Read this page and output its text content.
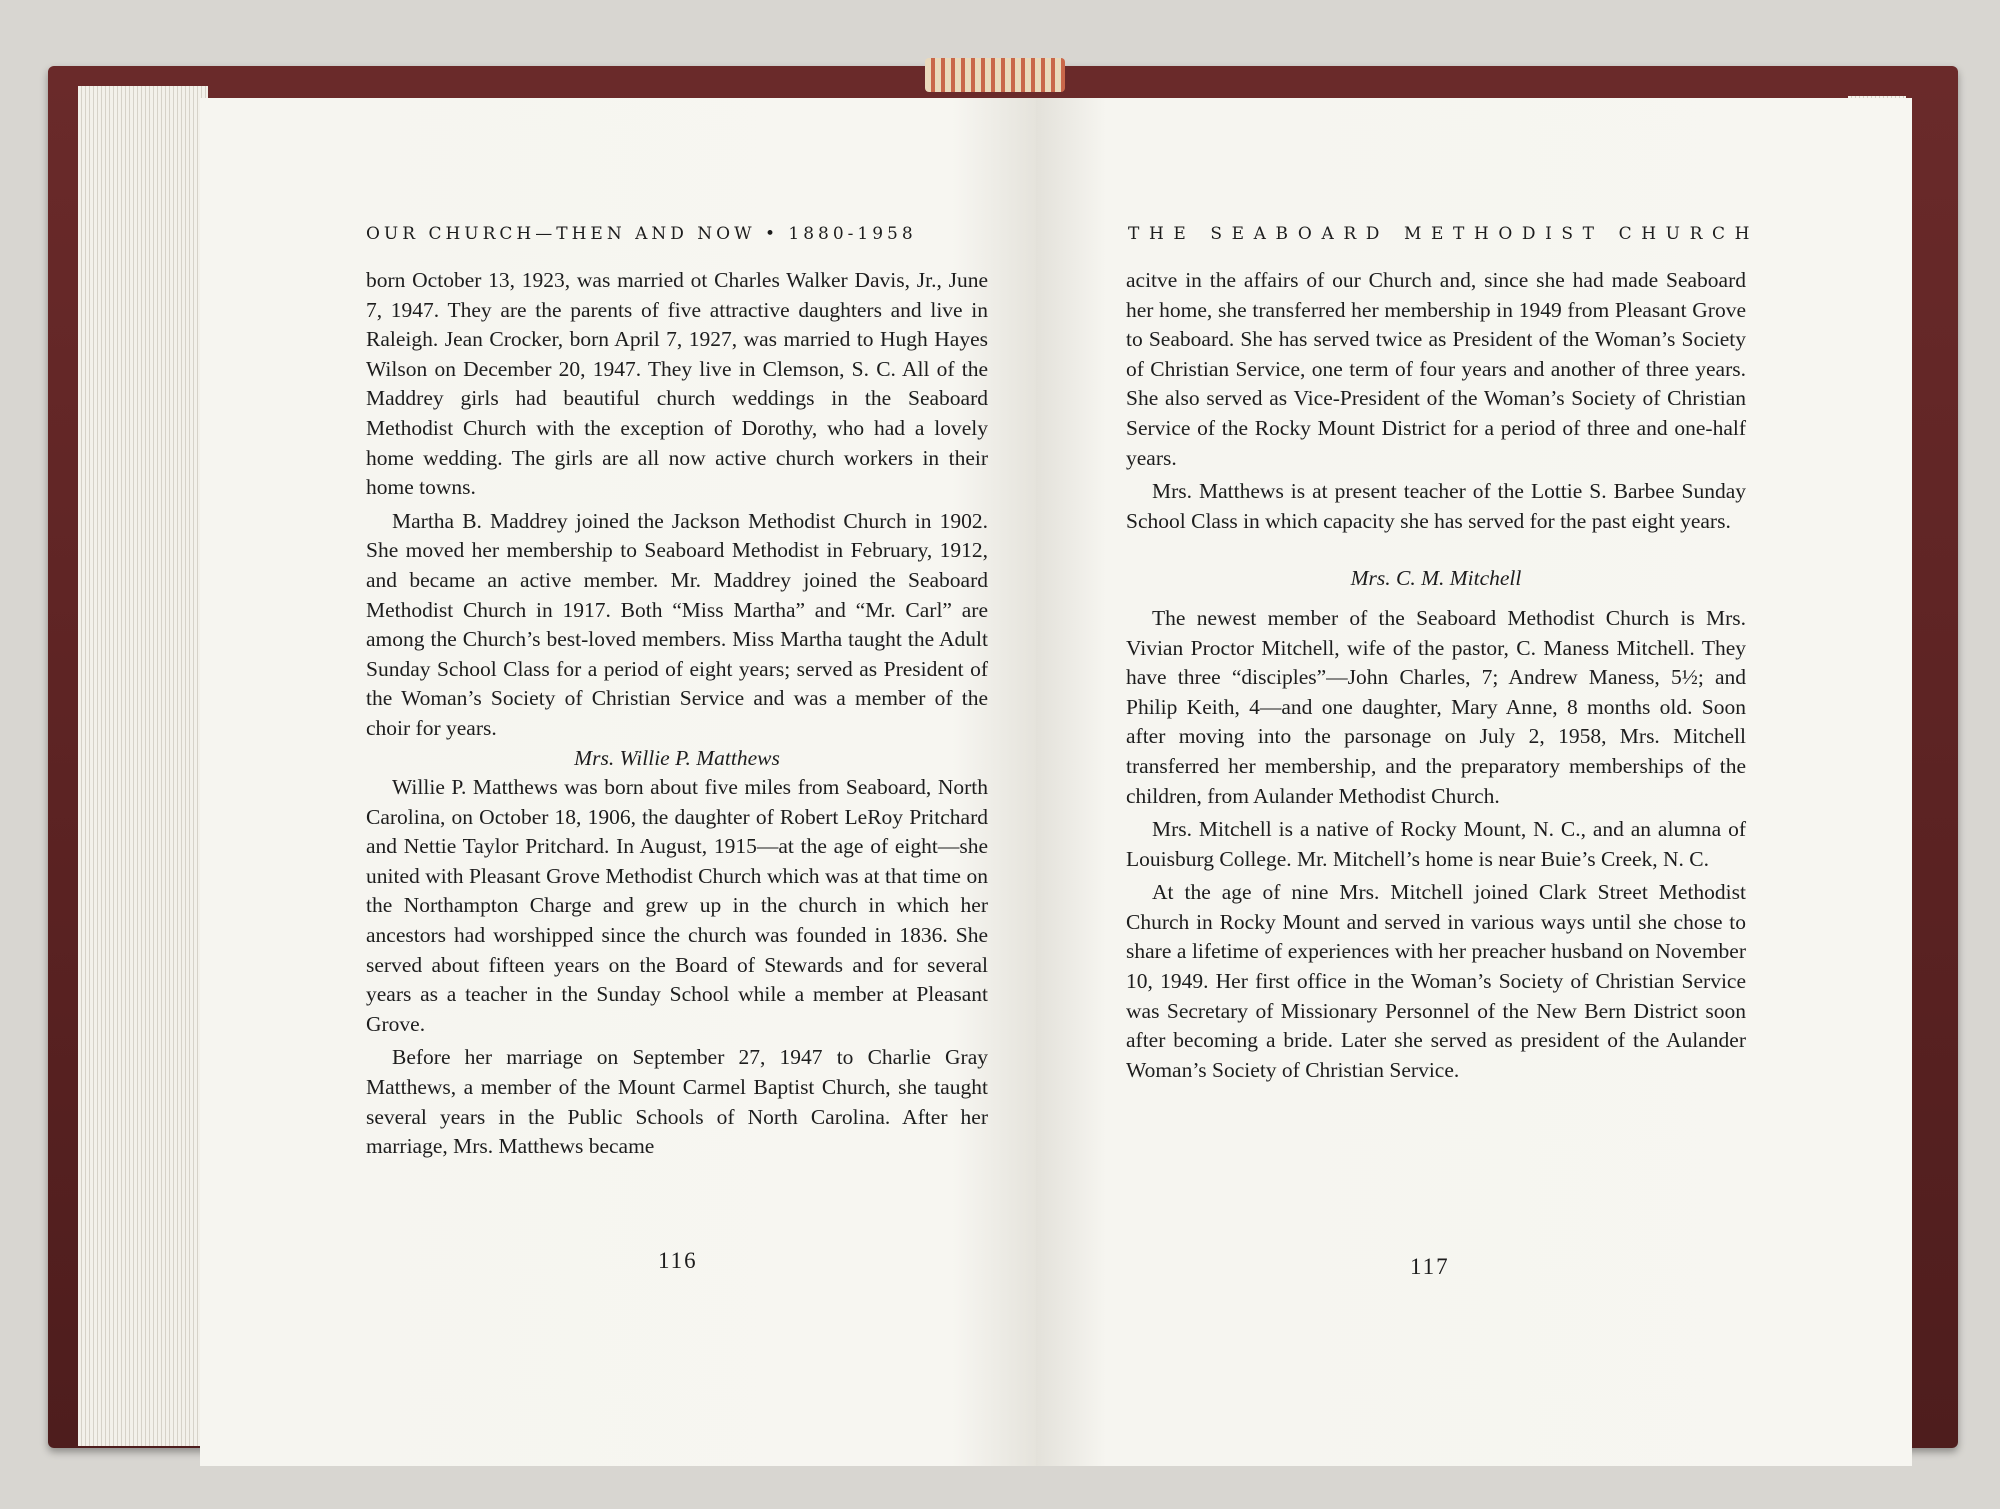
OUR CHURCH—THEN AND NOW • 1880-1958

born October 13, 1923, was married ot Charles Walker Davis, Jr., June 7, 1947. They are the parents of five attractive daughters and live in Raleigh. Jean Crocker, born April 7, 1927, was married to Hugh Hayes Wilson on December 20, 1947. They live in Clemson, S. C. All of the Maddrey girls had beautiful church weddings in the Seaboard Methodist Church with the exception of Dorothy, who had a lovely home wedding. The girls are all now active church workers in their home towns.

Martha B. Maddrey joined the Jackson Methodist Church in 1902. She moved her membership to Seaboard Methodist in February, 1912, and became an active member. Mr. Maddrey joined the Seaboard Methodist Church in 1917. Both “Miss Martha” and “Mr. Carl” are among the Church’s best-loved members. Miss Martha taught the Adult Sunday School Class for a period of eight years; served as President of the Woman’s Society of Christian Service and was a member of the choir for years.

Mrs. Willie P. Matthews

Willie P. Matthews was born about five miles from Seaboard, North Carolina, on October 18, 1906, the daughter of Robert LeRoy Pritchard and Nettie Taylor Pritchard. In August, 1915—at the age of eight—she united with Pleasant Grove Methodist Church which was at that time on the Northampton Charge and grew up in the church in which her ancestors had worshipped since the church was founded in 1836. She served about fifteen years on the Board of Stewards and for several years as a teacher in the Sunday School while a member at Pleasant Grove.

Before her marriage on September 27, 1947 to Charlie Gray Matthews, a member of the Mount Carmel Baptist Church, she taught several years in the Public Schools of North Carolina. After her marriage, Mrs. Matthews became

116
THE SEABOARD METHODIST CHURCH

acitve in the affairs of our Church and, since she had made Seaboard her home, she transferred her membership in 1949 from Pleasant Grove to Seaboard. She has served twice as President of the Woman’s Society of Christian Service, one term of four years and another of three years. She also served as Vice-President of the Woman’s Society of Christian Service of the Rocky Mount District for a period of three and one-half years.

Mrs. Matthews is at present teacher of the Lottie S. Barbee Sunday School Class in which capacity she has served for the past eight years.

Mrs. C. M. Mitchell

The newest member of the Seaboard Methodist Church is Mrs. Vivian Proctor Mitchell, wife of the pastor, C. Maness Mitchell. They have three “disciples”—John Charles, 7; Andrew Maness, 5½; and Philip Keith, 4—and one daughter, Mary Anne, 8 months old. Soon after moving into the parsonage on July 2, 1958, Mrs. Mitchell transferred her membership, and the preparatory memberships of the children, from Aulander Methodist Church.

Mrs. Mitchell is a native of Rocky Mount, N. C., and an alumna of Louisburg College. Mr. Mitchell’s home is near Buie’s Creek, N. C.

At the age of nine Mrs. Mitchell joined Clark Street Methodist Church in Rocky Mount and served in various ways until she chose to share a lifetime of experiences with her preacher husband on November 10, 1949. Her first office in the Woman’s Society of Christian Service was Secretary of Missionary Personnel of the New Bern District soon after becoming a bride. Later she served as president of the Aulander Woman’s Society of Christian Service.

117
